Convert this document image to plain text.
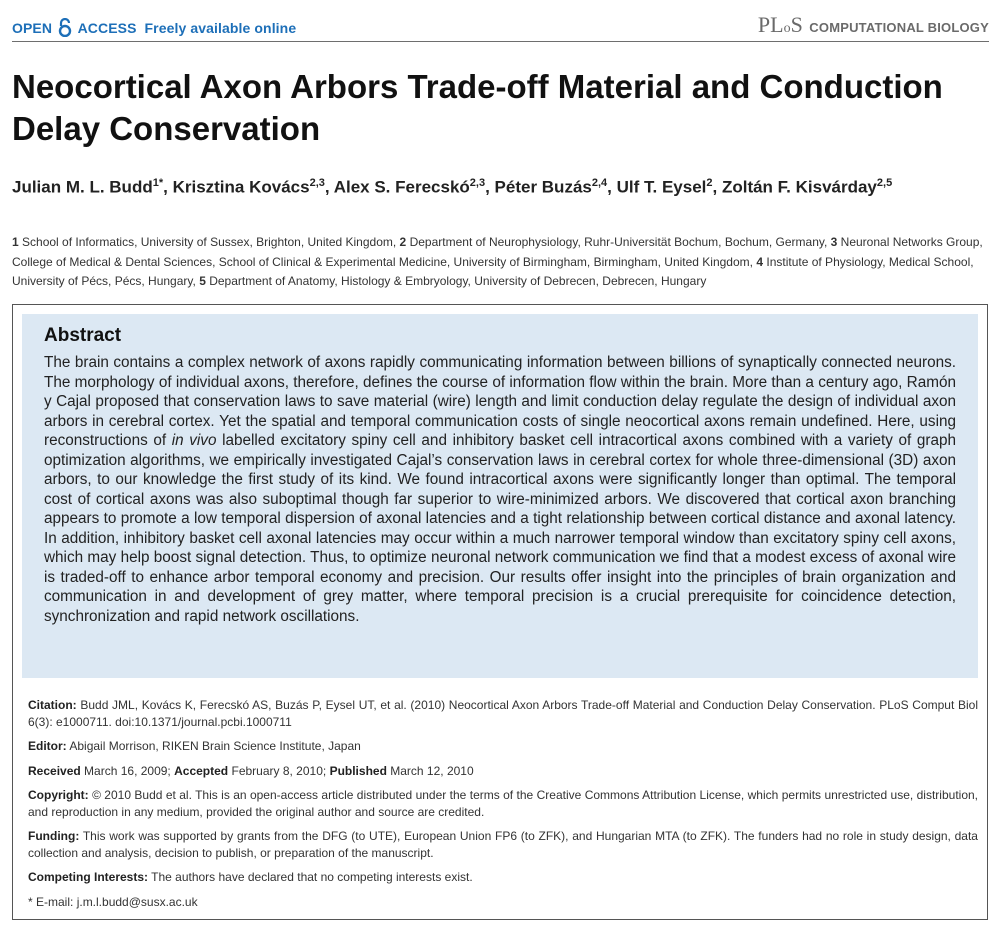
OPEN ACCESS Freely available online	PLoS COMPUTATIONAL BIOLOGY
Neocortical Axon Arbors Trade-off Material and Conduction Delay Conservation

Julian M. L. Budd$^{1*}$, Krisztina Kovács$^{2,3}$, Alex S. Ferecskó$^{2,3}$, Péter Buzás$^{2,4}$, Ulf T. Eysel$^2$, Zoltán F. Kisvárday$^{2,5}$

1 School of Informatics, University of Sussex, Brighton, United Kingdom, 2 Department of Neurophysiology, Ruhr-Universität Bochum, Bochum, Germany, 3 Neuronal Networks Group, College of Medical & Dental Sciences, School of Clinical & Experimental Medicine, University of Birmingham, Birmingham, United Kingdom, 4 Institute of Physiology, Medical School, University of Pécs, Pécs, Hungary, 5 Department of Anatomy, Histology & Embryology, University of Debrecen, Debrecen, Hungary

Abstract

The brain contains a complex network of axons rapidly communicating information between billions of synaptically connected neurons. The morphology of individual axons, therefore, defines the course of information flow within the brain. More than a century ago, Ramón y Cajal proposed that conservation laws to save material (wire) length and limit conduction delay regulate the design of individual axon arbors in cerebral cortex. Yet the spatial and temporal communication costs of single neocortical axons remain undefined. Here, using reconstructions of in vivo labelled excitatory spiny cell and inhibitory basket cell intracortical axons combined with a variety of graph optimization algorithms, we empirically investigated Cajal’s conservation laws in cerebral cortex for whole three-dimensional (3D) axon arbors, to our knowledge the first study of its kind. We found intracortical axons were significantly longer than optimal. The temporal cost of cortical axons was also suboptimal though far superior to wire-minimized arbors. We discovered that cortical axon branching appears to promote a low temporal dispersion of axonal latencies and a tight relationship between cortical distance and axonal latency. In addition, inhibitory basket cell axonal latencies may occur within a much narrower temporal window than excitatory spiny cell axons, which may help boost signal detection. Thus, to optimize neuronal network communication we find that a modest excess of axonal wire is traded-off to enhance arbor temporal economy and precision. Our results offer insight into the principles of brain organization and communication in and development of grey matter, where temporal precision is a crucial prerequisite for coincidence detection, synchronization and rapid network oscillations.

Citation: Budd JML, Kovács K, Ferecskó AS, Buzás P, Eysel UT, et al. (2010) Neocortical Axon Arbors Trade-off Material and Conduction Delay Conservation. PLoS Comput Biol 6(3): e1000711. doi:10.1371/journal.pcbi.1000711

Editor: Abigail Morrison, RIKEN Brain Science Institute, Japan

Received March 16, 2009; Accepted February 8, 2010; Published March 12, 2010

Copyright: © 2010 Budd et al. This is an open-access article distributed under the terms of the Creative Commons Attribution License, which permits unrestricted use, distribution, and reproduction in any medium, provided the original author and source are credited.

Funding: This work was supported by grants from the DFG (to UTE), European Union FP6 (to ZFK), and Hungarian MTA (to ZFK). The funders had no role in study design, data collection and analysis, decision to publish, or preparation of the manuscript.

Competing Interests: The authors have declared that no competing interests exist.

* E-mail: j.m.l.budd@susx.ac.uk
